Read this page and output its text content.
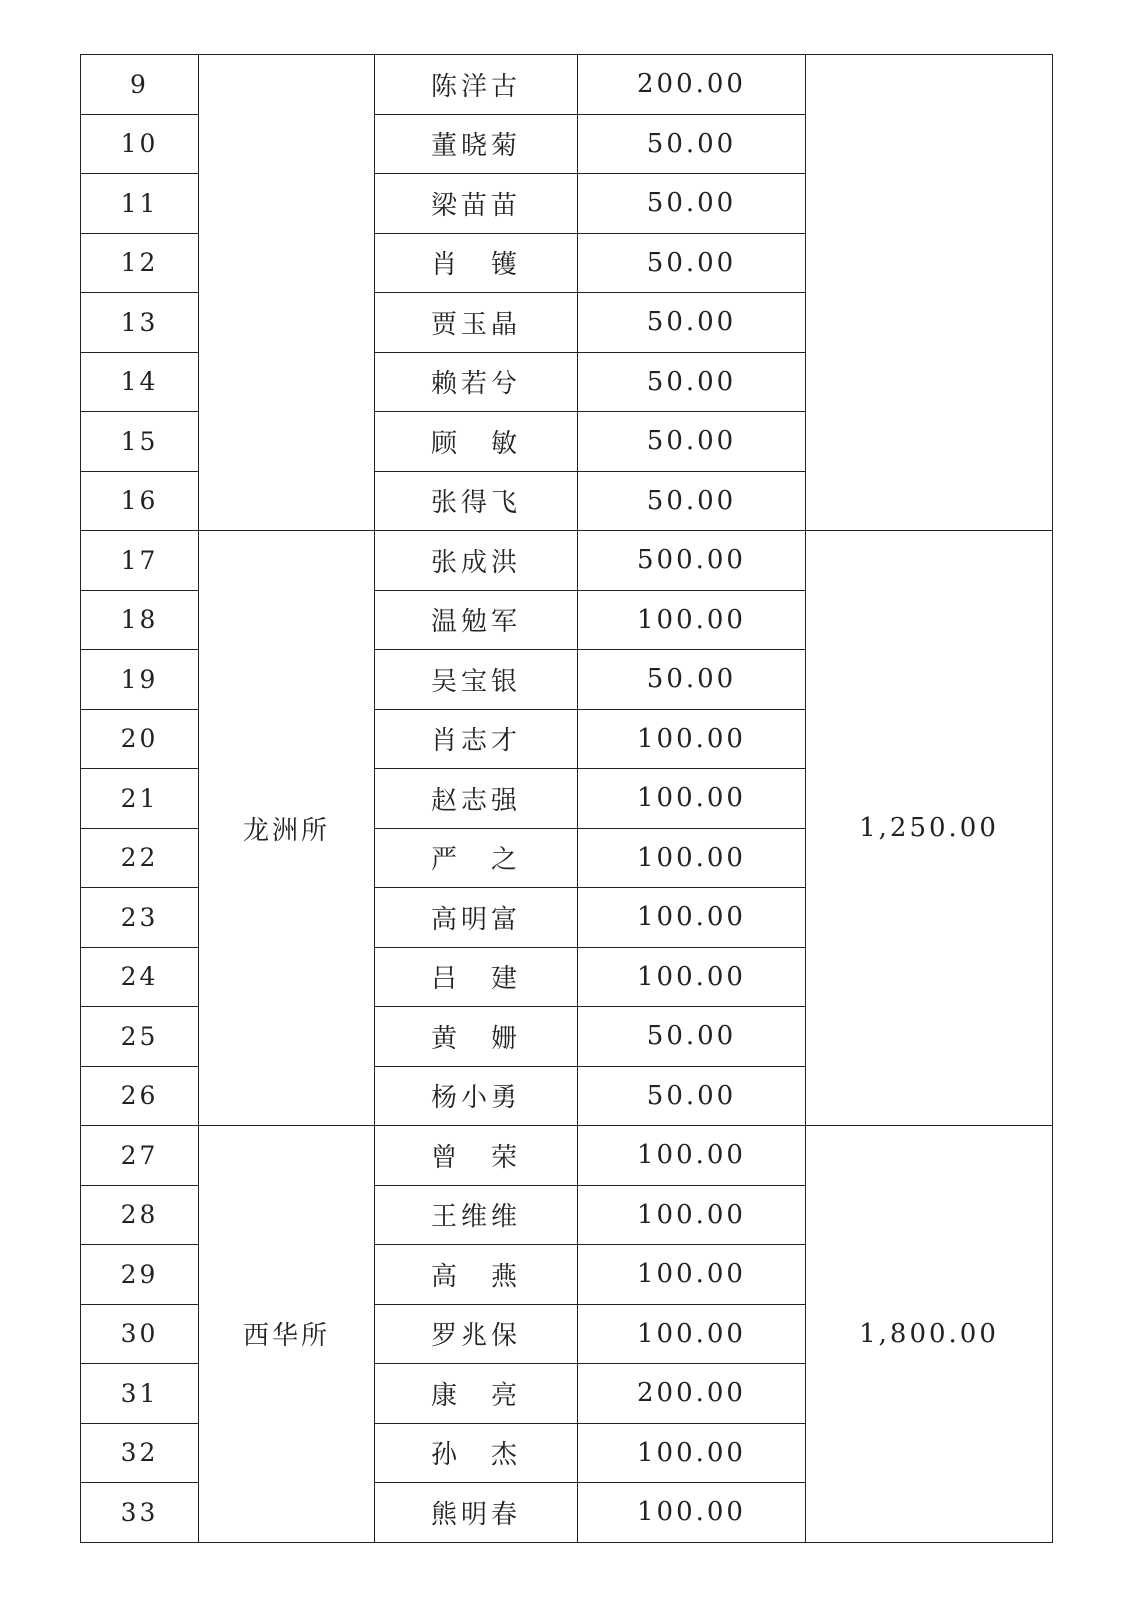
9		陈洋古	200.00	
10		董晓菊	50.00	
11		梁苗苗	50.00	
12		肖　镬	50.00	
13		贾玉晶	50.00	
14		赖若兮	50.00	
15		顾　敏	50.00	
16		张得飞	50.00	
17	龙洲所	张成洪	500.00	1,250.00
18		温勉军	100.00	
19		吴宝银	50.00	
20		肖志才	100.00	
21		赵志强	100.00	
22		严　之	100.00	
23		高明富	100.00	
24		吕　建	100.00	
25		黄　姗	50.00	
26		杨小勇	50.00	
27	西华所	曾　荣	100.00	1,800.00
28		王维维	100.00	
29		高　燕	100.00	
30		罗兆保	100.00	
31		康　亮	200.00	
32		孙　杰	100.00	
33		熊明春	100.00	
